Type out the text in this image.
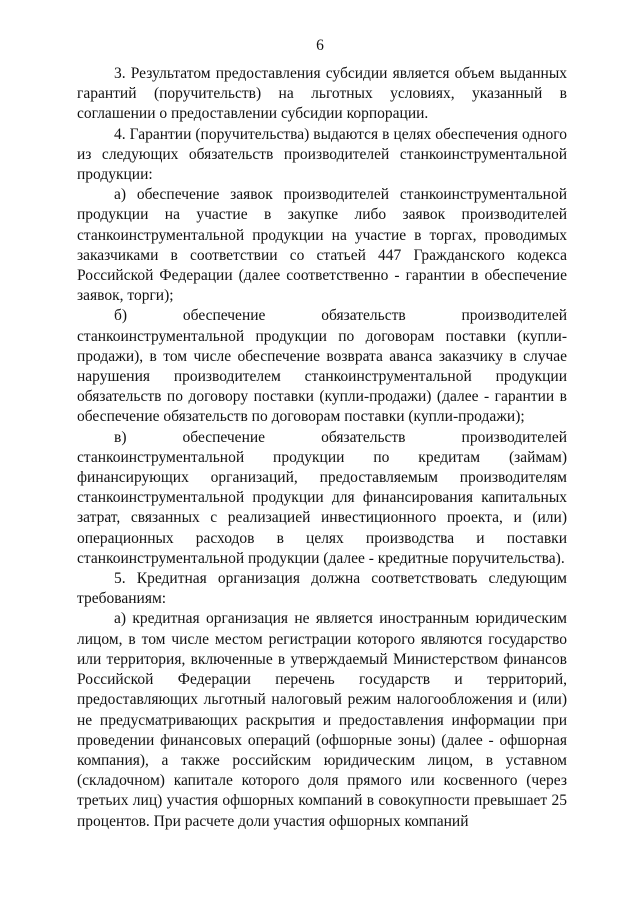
6

3. Результатом предоставления субсидии является объем выданных гарантий (поручительств) на льготных условиях, указанный в соглашении о предоставлении субсидии корпорации.

4. Гарантии (поручительства) выдаются в целях обеспечения одного из следующих обязательств производителей станкоинструментальной продукции:

а) обеспечение заявок производителей станкоинструментальной продукции на участие в закупке либо заявок производителей станкоинструментальной продукции на участие в торгах, проводимых заказчиками в соответствии со статьей 447 Гражданского кодекса Российской Федерации (далее соответственно - гарантии в обеспечение заявок, торги);

б) обеспечение обязательств производителей станкоинструментальной продукции по договорам поставки (купли-продажи), в том числе обеспечение возврата аванса заказчику в случае нарушения производителем станкоинструментальной продукции обязательств по договору поставки (купли-продажи) (далее - гарантии в обеспечение обязательств по договорам поставки (купли-продажи);

в) обеспечение обязательств производителей станкоинструментальной продукции по кредитам (займам) финансирующих организаций, предоставляемым производителям станкоинструментальной продукции для финансирования капитальных затрат, связанных с реализацией инвестиционного проекта, и (или) операционных расходов в целях производства и поставки станкоинструментальной продукции (далее - кредитные поручительства).

5. Кредитная организация должна соответствовать следующим требованиям:

а) кредитная организация не является иностранным юридическим лицом, в том числе местом регистрации которого являются государство или территория, включенные в утверждаемый Министерством финансов Российской Федерации перечень государств и территорий, предоставляющих льготный налоговый режим налогообложения и (или) не предусматривающих раскрытия и предоставления информации при проведении финансовых операций (офшорные зоны) (далее - офшорная компания), а также российским юридическим лицом, в уставном (складочном) капитале которого доля прямого или косвенного (через третьих лиц) участия офшорных компаний в совокупности превышает 25 процентов. При расчете доли участия офшорных компаний
